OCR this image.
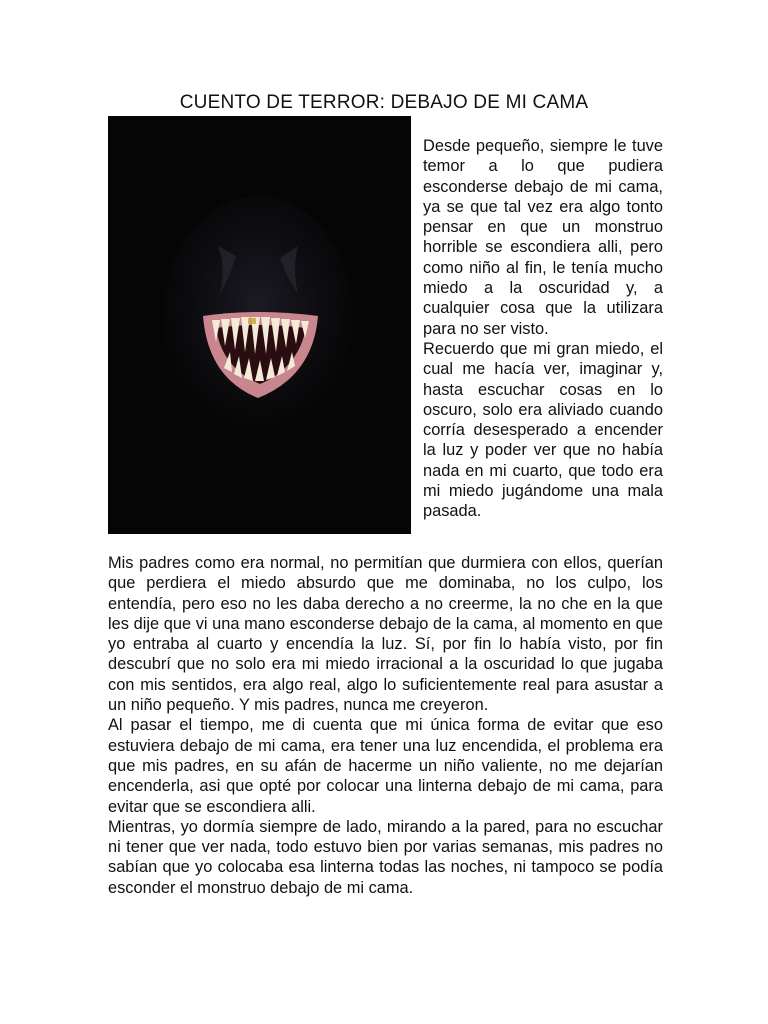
CUENTO DE TERROR: DEBAJO DE MI CAMA

Desde pequeño, siempre le tuve temor a lo que pudiera esconderse debajo de mi cama, ya se que tal vez era algo tonto pensar en que un monstruo horrible se escondiera alli, pero como niño al fin, le tenía mucho miedo a la oscuridad y, a cualquier cosa que la utilizara para no ser visto.

Recuerdo que mi gran miedo, el cual me hacía ver, imaginar y, hasta escuchar cosas en lo oscuro, solo era aliviado cuando corría desesperado a encender la luz y poder ver que no había nada en mi cuarto, que todo era mi miedo jugándome una mala pasada.

Mis padres como era normal, no permitían que durmiera con ellos, querían que perdiera el miedo absurdo que me dominaba, no los culpo, los entendía, pero eso no les daba derecho a no creerme, la no che en la que les dije que vi una mano esconderse debajo de la cama, al momento en que yo entraba al cuarto y encendía la luz. Sí, por fin lo había visto, por fin descubrí que no solo era mi miedo irracional a la oscuridad lo que jugaba con mis sentidos, era algo real, algo lo suficientemente real para asustar a un niño pequeño. Y mis padres, nunca me creyeron.

Al pasar el tiempo, me di cuenta que mi única forma de evitar que eso estuviera debajo de mi cama, era tener una luz encendida, el problema era que mis padres, en su afán de hacerme un niño valiente, no me dejarían encenderla, asi que opté por colocar una linterna debajo de mi cama, para evitar que se escondiera alli.

Mientras, yo dormía siempre de lado, mirando a la pared, para no escuchar ni tener que ver nada, todo estuvo bien por varias semanas, mis padres no sabían que yo colocaba esa linterna todas las noches, ni tampoco se podía esconder el monstruo debajo de mi cama.
